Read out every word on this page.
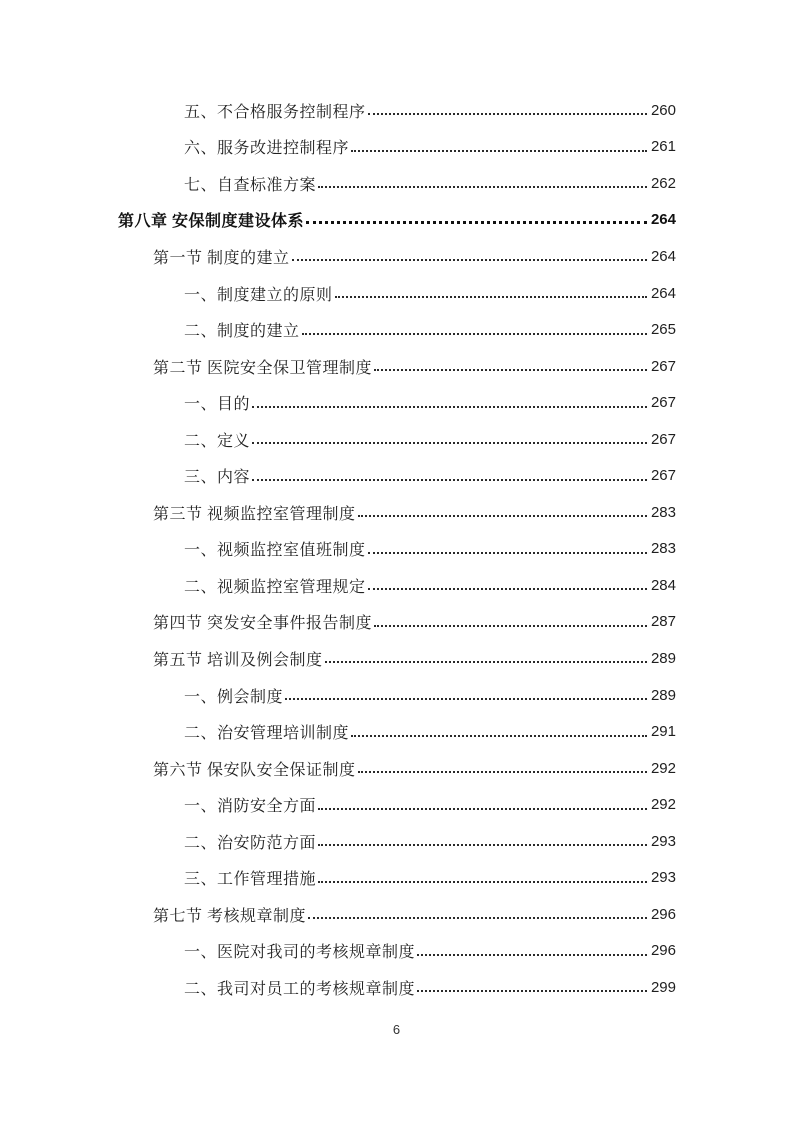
五、不合格服务控制程序	260
六、服务改进控制程序	261
七、自查标准方案	262
第八章 安保制度建设体系	264
第一节 制度的建立	264
一、制度建立的原则	264
二、制度的建立	265
第二节 医院安全保卫管理制度	267
一、目的	267
二、定义	267
三、内容	267
第三节 视频监控室管理制度	283
一、视频监控室值班制度	283
二、视频监控室管理规定	284
第四节 突发安全事件报告制度	287
第五节 培训及例会制度	289
一、例会制度	289
二、治安管理培训制度	291
第六节 保安队安全保证制度	292
一、消防安全方面	292
二、治安防范方面	293
三、工作管理措施	293
第七节 考核规章制度	296
一、医院对我司的考核规章制度	296
二、我司对员工的考核规章制度	299
6
